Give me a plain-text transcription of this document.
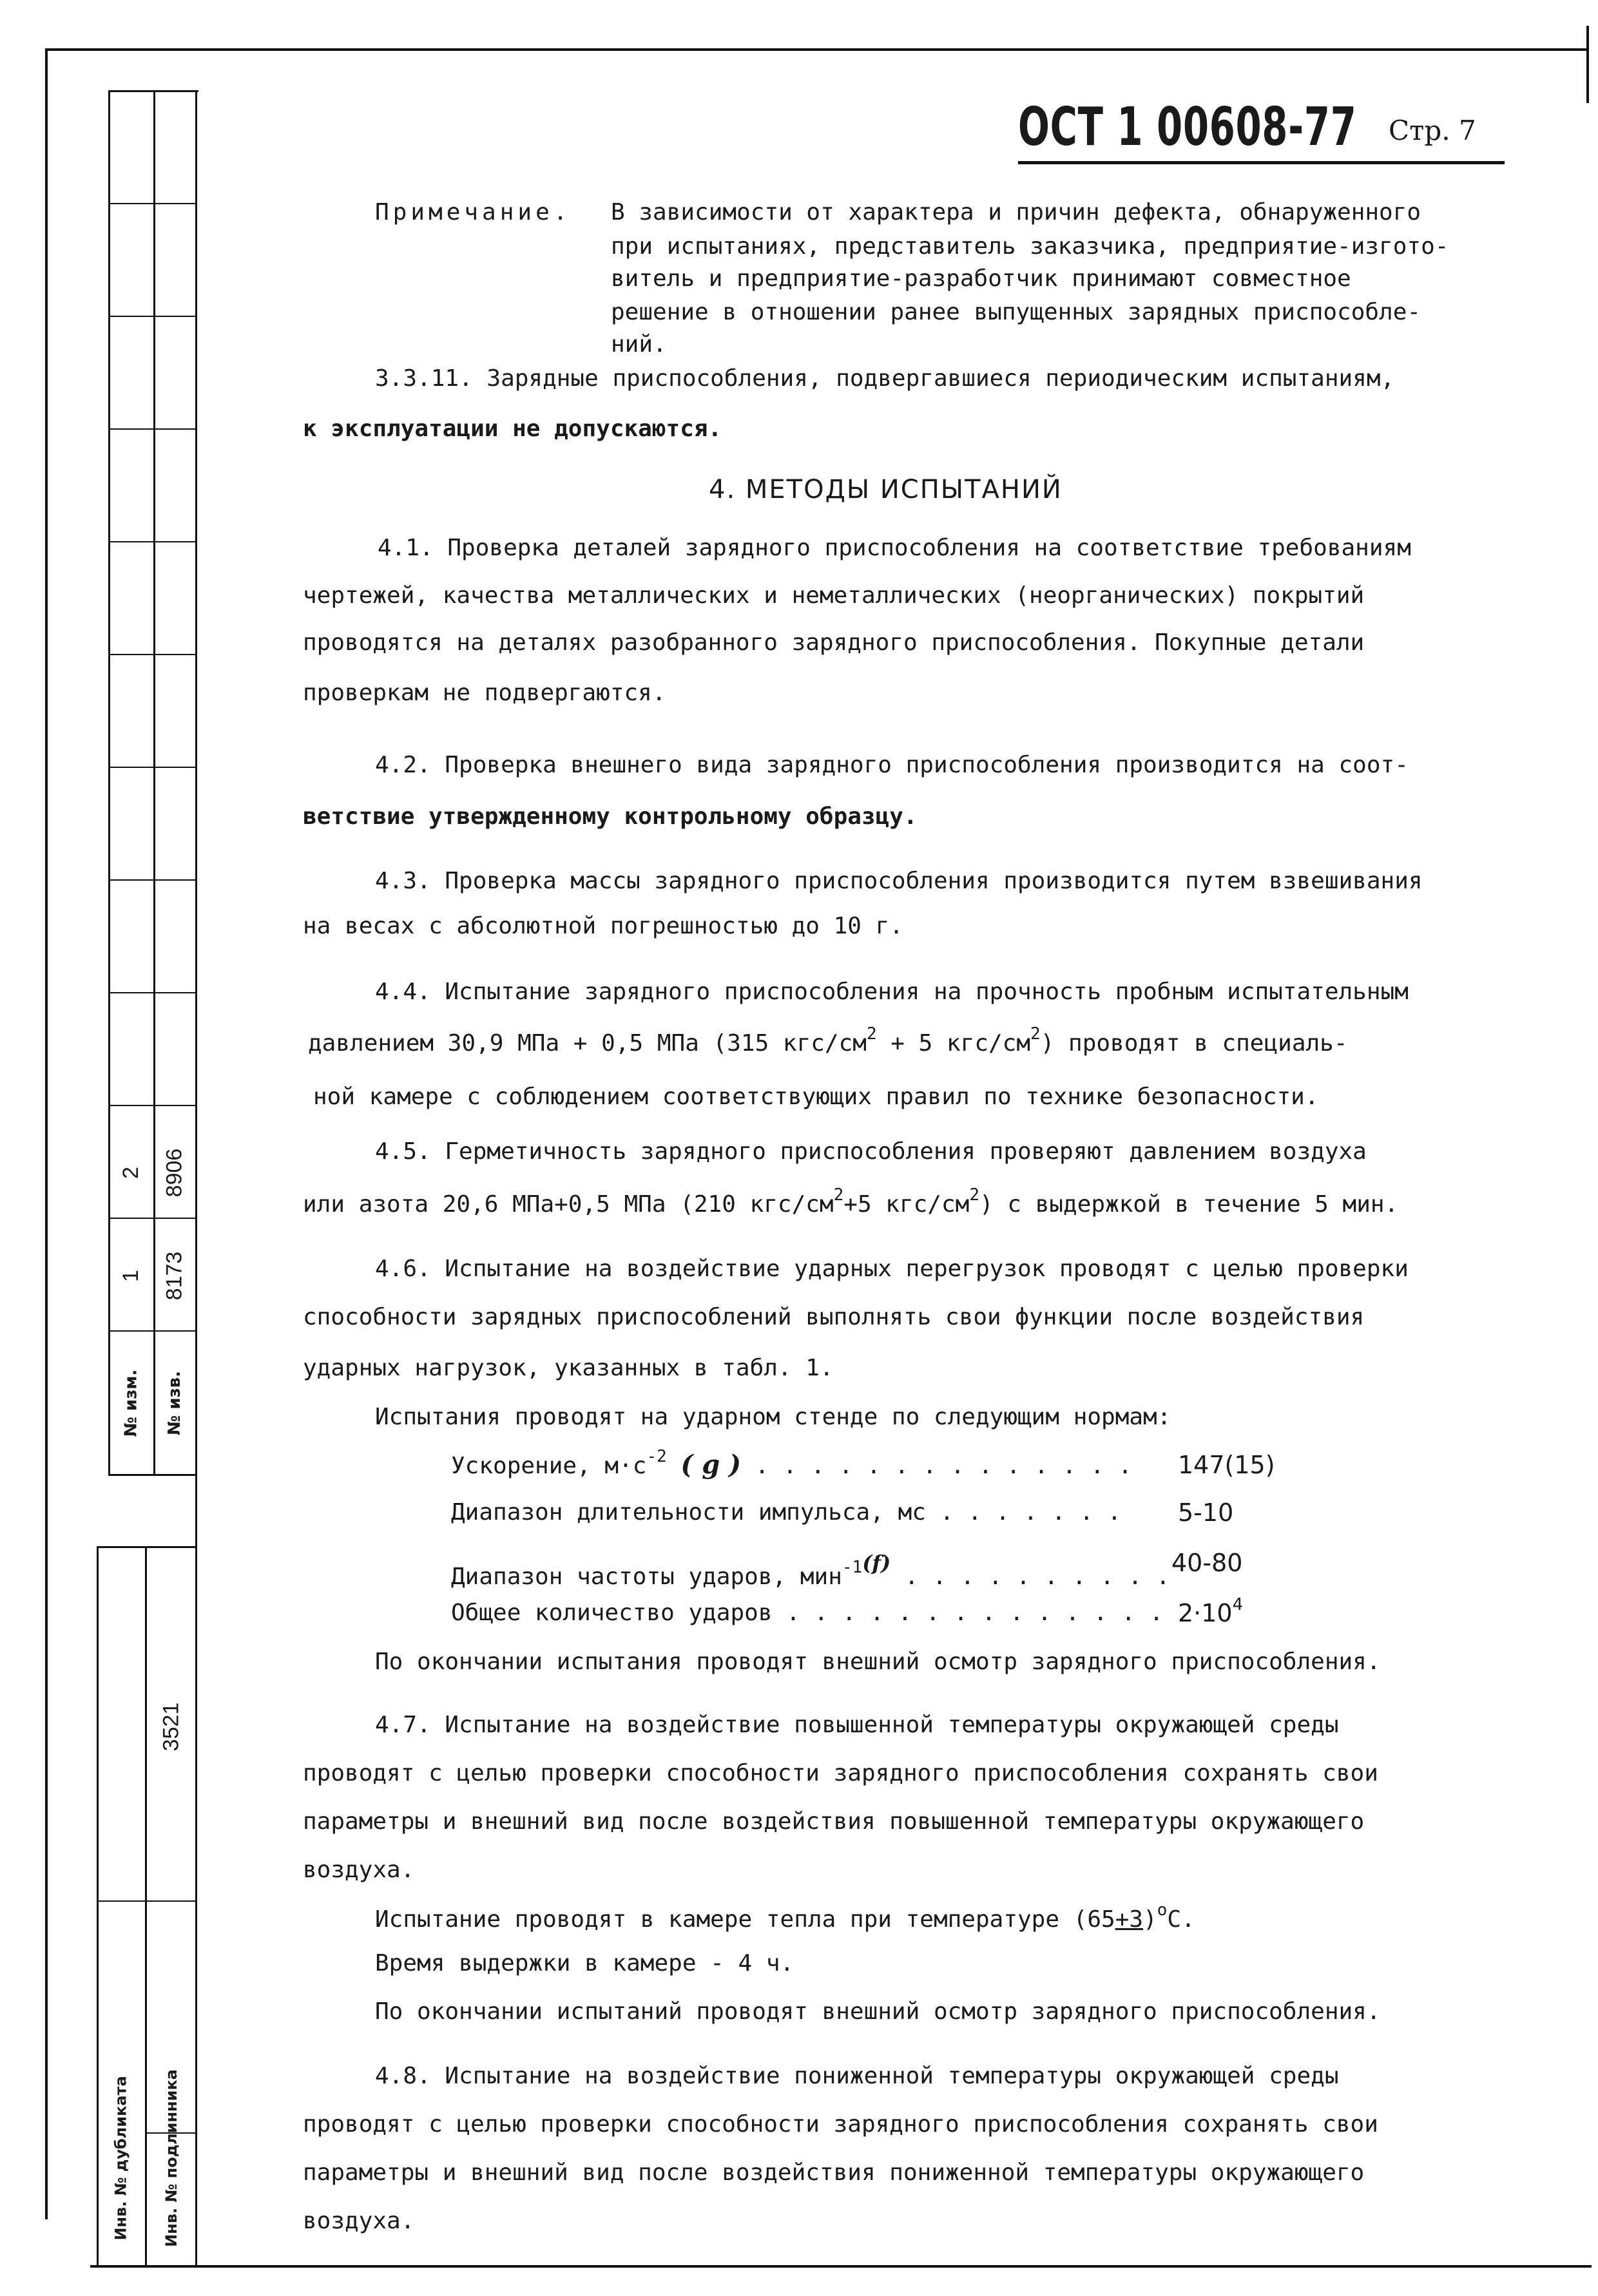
1
2
№ изм.
8173
8906
№ изв.
3521
Инв. № дубликата Инв. № подлинника
ОСТ 1 00608-77 Стр. 7
Примечание. В зависимости от характера и причин дефекта, обнаруженного
при испытаниях, представитель заказчика, предприятие-изгото-
витель и предприятие-разработчик принимают совместное
решение в отношении ранее выпущенных зарядных приспособле-
ний.
3.3.11. Зарядные приспособления, подвергавшиеся периодическим испытаниям,
к эксплуатации не допускаются.
4. МЕТОДЫ ИСПЫТАНИЙ
4.1. Проверка деталей зарядного приспособления на соответствие требованиям
чертежей, качества металлических и неметаллических (неорганических) покрытий
проводятся на деталях разобранного зарядного приспособления. Покупные детали
проверкам не подвергаются.
4.2. Проверка внешнего вида зарядного приспособления производится на соот-
ветствие утвержденному контрольному образцу.
4.3. Проверка массы зарядного приспособления производится путем взвешивания
на весах с абсолютной погрешностью до 10 г.
4.4. Испытание зарядного приспособления на прочность пробным испытательным
давлением 30,9 МПа + 0,5 МПа (315 кгс/$см^2 + 5$ кгс/$см^2$) проводят в специаль-
ной камере с соблюдением соответствующих правил по технике безопасности.
4.5. Герметичность зарядного приспособления проверяют давлением воздуха
или азота 20,6 МПа+0,5 МПа (210 кгс/$см^2+5$ кгс/$см^2$) с выдержкой в течение 5 мин.
4.6. Испытание на воздействие ударных перегрузок проводят с целью проверки
способности зарядных приспособлений выполнять свои функции после воздействия
ударных нагрузок, указанных в табл. 1.
Испытания проводят на ударном стенде по следующим нормам:
Ускорение, $м\cdot с^{-2}$ ( g ) . . . . . . . . . . . . . . 147(15)
Диапазон длительности импульса, мс . . . . . . . 5-10
Диапазон частоты ударов, мин$^{-1}$(f) . . . . . . . . . . 40-80
Общее количество ударов . . . . . . . . . . . . . . $2\cdot 10^4$
По окончании испытания проводят внешний осмотр зарядного приспособления.
4.7. Испытание на воздействие повышенной температуры окружающей среды
проводят с целью проверки способности зарядного приспособления сохранять свои
параметры и внешний вид после воздействия повышенной температуры окружающего
воздуха.
Испытание проводят в камере тепла при температуре $(65+3)^oC$.
Время выдержки в камере - 4 ч.
По окончании испытаний проводят внешний осмотр зарядного приспособления.
4.8. Испытание на воздействие пониженной температуры окружающей среды
проводят с целью проверки способности зарядного приспособления сохранять свои
параметры и внешний вид после воздействия пониженной температуры окружающего
воздуха.
